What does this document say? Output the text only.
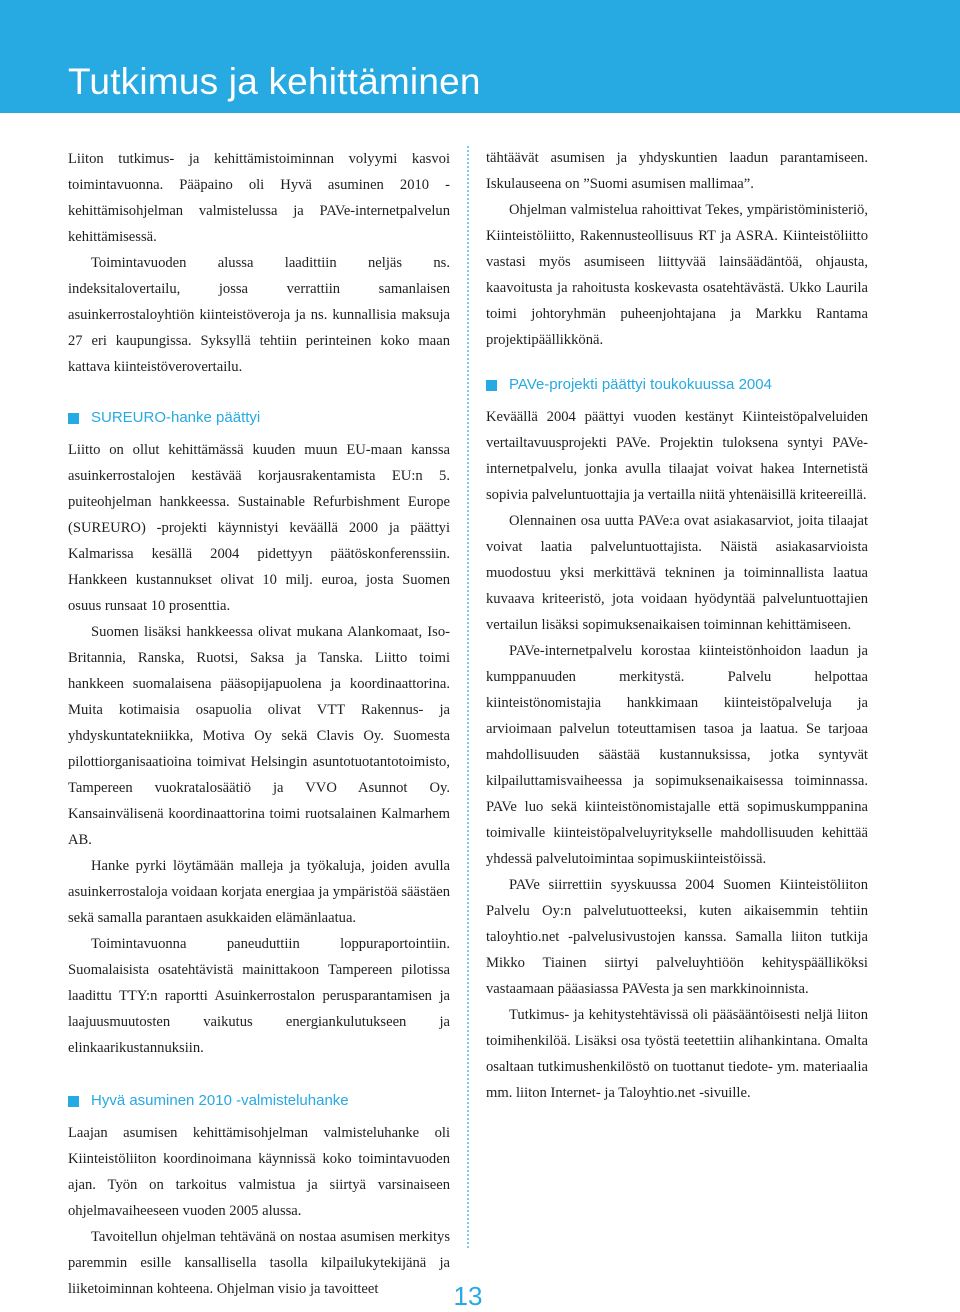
Tutkimus ja kehittäminen

Liiton tutkimus- ja kehittämistoiminnan volyymi kasvoi toimintavuonna. Pääpaino oli Hyvä asuminen 2010 -kehittämisohjelman valmistelussa ja PAVe-internetpalvelun kehittämisessä.

Toimintavuoden alussa laadittiin neljäs ns. indeksitalovertailu, jossa verrattiin samanlaisen asuinkerrostaloyhtiön kiinteistöveroja ja ns. kunnallisia maksuja 27 eri kaupungissa. Syksyllä tehtiin perinteinen koko maan kattava kiinteistöverovertailu.

SUREURO-hanke päättyi

Liitto on ollut kehittämässä kuuden muun EU-maan kanssa asuinkerrostalojen kestävää korjausrakentamista EU:n 5. puiteohjelman hankkeessa. Sustainable Refurbishment Europe (SUREURO) -projekti käynnistyi keväällä 2000 ja päättyi Kalmarissa kesällä 2004 pidettyyn päätöskonferenssiin. Hankkeen kustannukset olivat 10 milj. euroa, josta Suomen osuus runsaat 10 prosenttia.

Suomen lisäksi hankkeessa olivat mukana Alankomaat, Iso-Britannia, Ranska, Ruotsi, Saksa ja Tanska. Liitto toimi hankkeen suomalaisena pääsopijapuolena ja koordinaattorina. Muita kotimaisia osapuolia olivat VTT Rakennus- ja yhdyskuntatekniikka, Motiva Oy sekä Clavis Oy. Suomesta pilottiorganisaatioina toimivat Helsingin asuntotuotantotoimisto, Tampereen vuokratalosäätiö ja VVO Asunnot Oy. Kansainvälisenä koordinaattorina toimi ruotsalainen Kalmarhem AB.

Hanke pyrki löytämään malleja ja työkaluja, joiden avulla asuinkerrostaloja voidaan korjata energiaa ja ympäristöä säästäen sekä samalla parantaen asukkaiden elämänlaatua.

Toimintavuonna paneuduttiin loppuraportointiin. Suomalaisista osatehtävistä mainittakoon Tampereen pilotissa laadittu TTY:n raportti Asuinkerrostalon perusparantamisen ja laajuusmuutosten vaikutus energiankulutukseen ja elinkaarikustannuksiin.

Hyvä asuminen 2010 -valmisteluhanke

Laajan asumisen kehittämisohjelman valmisteluhanke oli Kiinteistöliiton koordinoimana käynnissä koko toimintavuoden ajan. Työn on tarkoitus valmistua ja siirtyä varsinaiseen ohjelmavaiheeseen vuoden 2005 alussa.

Tavoitellun ohjelman tehtävänä on nostaa asumisen merkitys paremmin esille kansallisella tasolla kilpailukytekijänä ja liiketoiminnan kohteena. Ohjelman visio ja tavoitteet

tähtäävät asumisen ja yhdyskuntien laadun parantamiseen. Iskulauseena on ”Suomi asumisen mallimaa”.

Ohjelman valmistelua rahoittivat Tekes, ympäristöministeriö, Kiinteistöliitto, Rakennusteollisuus RT ja ASRA. Kiinteistöliitto vastasi myös asumiseen liittyvää lainsäädäntöä, ohjausta, kaavoitusta ja rahoitusta koskevasta osatehtävästä. Ukko Laurila toimi johtoryhmän puheenjohtajana ja Markku Rantama projektipäällikkönä.

PAVe-projekti päättyi toukokuussa 2004

Keväällä 2004 päättyi vuoden kestänyt Kiinteistöpalveluiden vertailtavuusprojekti PAVe. Projektin tuloksena syntyi PAVe-internetpalvelu, jonka avulla tilaajat voivat hakea Internetistä sopivia palveluntuottajia ja vertailla niitä yhtenäisillä kriteereillä.

Olennainen osa uutta PAVe:a ovat asiakasarviot, joita tilaajat voivat laatia palveluntuottajista. Näistä asiakasarvioista muodostuu yksi merkittävä tekninen ja toiminnallista laatua kuvaava kriteeristö, jota voidaan hyödyntää palveluntuottajien vertailun lisäksi sopimuksenaikaisen toiminnan kehittämiseen.

PAVe-internetpalvelu korostaa kiinteistönhoidon laadun ja kumppanuuden merkitystä. Palvelu helpottaa kiinteistönomistajia hankkimaan kiinteistöpalveluja ja arvioimaan palvelun toteuttamisen tasoa ja laatua. Se tarjoaa mahdollisuuden säästää kustannuksissa, jotka syntyvät kilpailuttamisvaiheessa ja sopimuksenaikaisessa toiminnassa. PAVe luo sekä kiinteistönomistajalle että sopimuskumppanina toimivalle kiinteistöpalveluyritykselle mahdollisuuden kehittää yhdessä palvelutoimintaa sopimuskiinteistöissä.

PAVe siirrettiin syyskuussa 2004 Suomen Kiinteistöliiton Palvelu Oy:n palvelutuotteeksi, kuten aikaisemmin tehtiin taloyhtio.net -palvelusivustojen kanssa. Samalla liiton tutkija Mikko Tiainen siirtyi palveluyhtiöön kehityspäälliköksi vastaamaan pääasiassa PAVesta ja sen markkinoinnista.

Tutkimus- ja kehitystehtävissä oli pääsääntöisesti neljä liiton toimihenkilöä. Lisäksi osa työstä teetettiin alihankintana. Omalta osaltaan tutkimushenkilöstö on tuottanut tiedote- ym. materiaalia mm. liiton Internet- ja Taloyhtio.net -sivuille.

13
